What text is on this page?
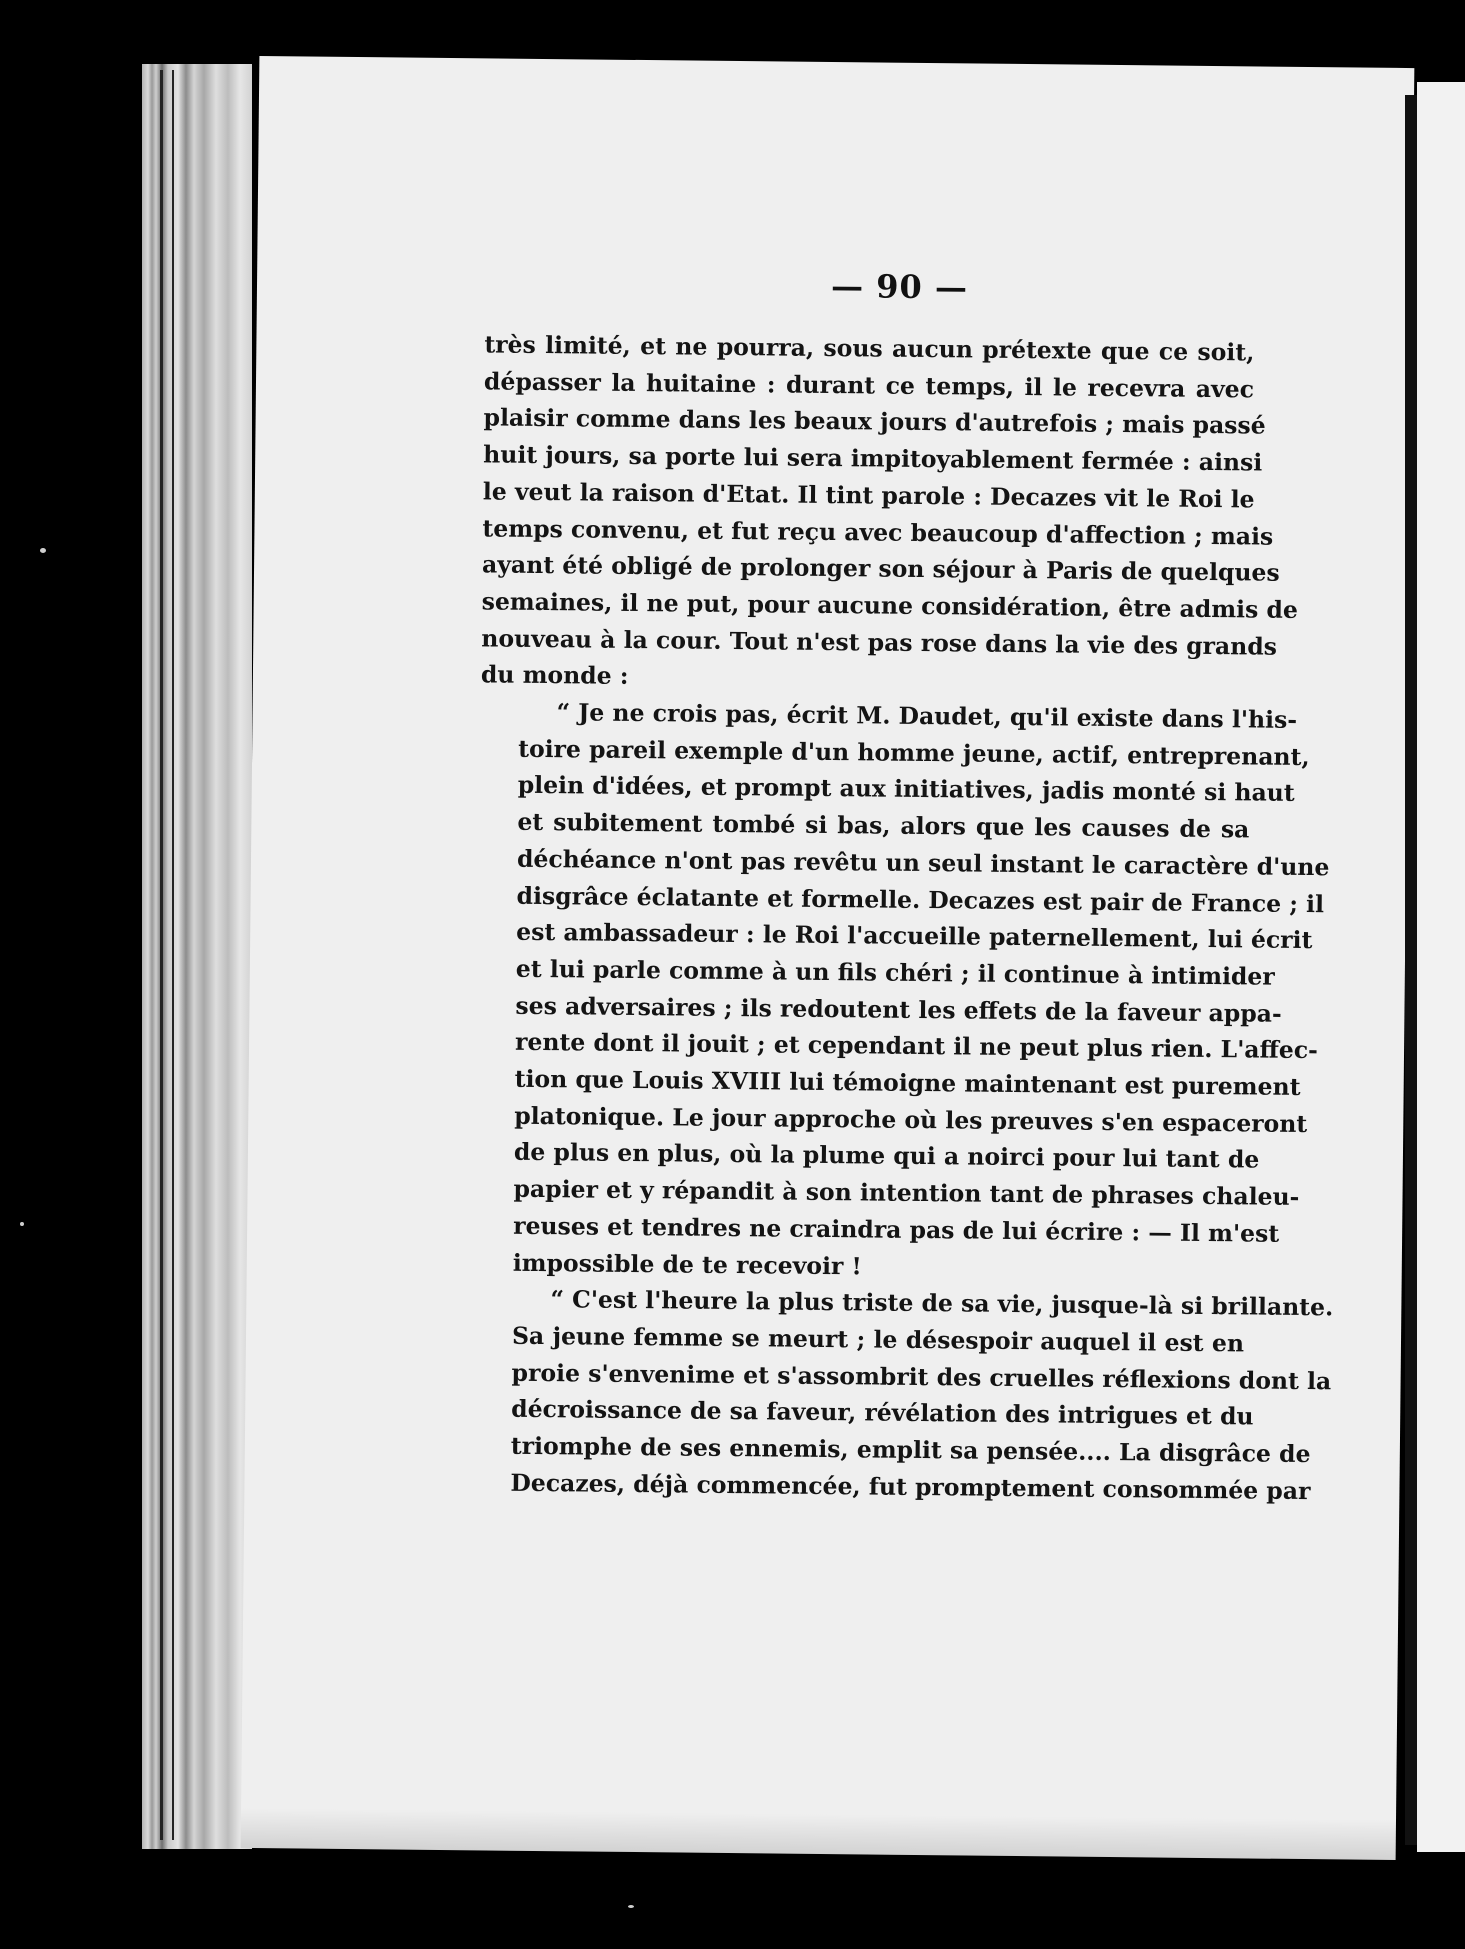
— 90 —

très limité, et ne pourra, sous aucun prétexte que ce soit,
dépasser la huitaine : durant ce temps, il le recevra avec
plaisir comme dans les beaux jours d'autrefois ; mais passé
huit jours, sa porte lui sera impitoyablement fermée : ainsi
le veut la raison d'Etat. Il tint parole : Decazes vit le Roi le
temps convenu, et fut reçu avec beaucoup d'affection ; mais
ayant été obligé de prolonger son séjour à Paris de quelques
semaines, il ne put, pour aucune considération, être admis de
nouveau à la cour. Tout n'est pas rose dans la vie des grands
du monde :

“ Je ne crois pas, écrit M. Daudet, qu'il existe dans l'his-
toire pareil exemple d'un homme jeune, actif, entreprenant,
plein d'idées, et prompt aux initiatives, jadis monté si haut
et subitement tombé si bas, alors que les causes de sa
déchéance n'ont pas revêtu un seul instant le caractère d'une
disgrâce éclatante et formelle. Decazes est pair de France ; il
est ambassadeur : le Roi l'accueille paternellement, lui écrit
et lui parle comme à un fils chéri ; il continue à intimider
ses adversaires ; ils redoutent les effets de la faveur appa-
rente dont il jouit ; et cependant il ne peut plus rien. L'affec-
tion que Louis XVIII lui témoigne maintenant est purement
platonique. Le jour approche où les preuves s'en espaceront
de plus en plus, où la plume qui a noirci pour lui tant de
papier et y répandit à son intention tant de phrases chaleu-
reuses et tendres ne craindra pas de lui écrire : — Il m'est
impossible de te recevoir !

“ C'est l'heure la plus triste de sa vie, jusque-là si brillante.
Sa jeune femme se meurt ; le désespoir auquel il est en
proie s'envenime et s'assombrit des cruelles réflexions dont la
décroissance de sa faveur, révélation des intrigues et du
triomphe de ses ennemis, emplit sa pensée.... La disgrâce de
Decazes, déjà commencée, fut promptement consommée par
